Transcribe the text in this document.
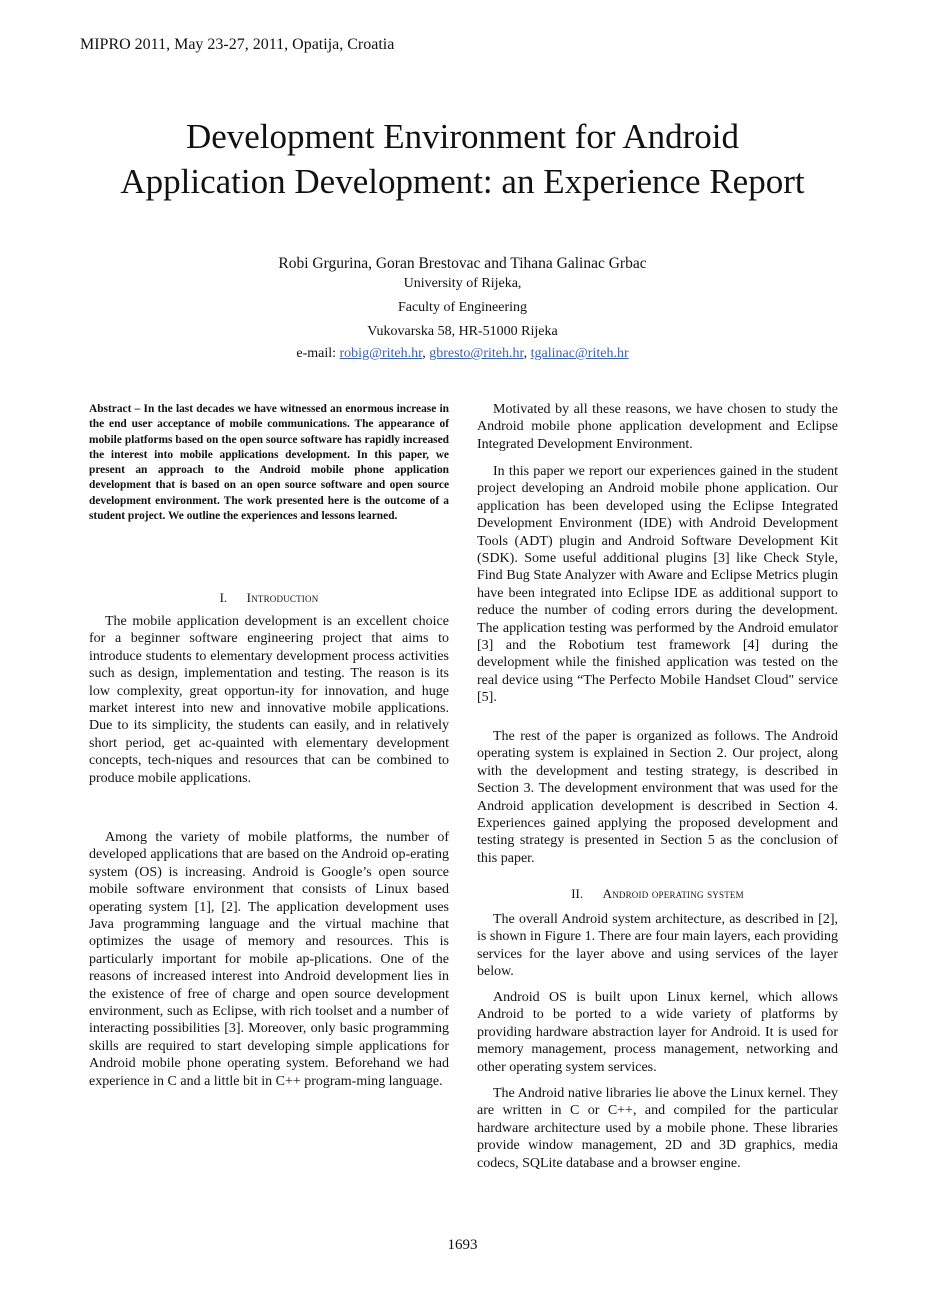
MIPRO 2011, May 23-27, 2011, Opatija, Croatia
Development Environment for Android
Application Development: an Experience Report
Robi Grgurina, Goran Brestovac and Tihana Galinac Grbac
University of Rijeka,
Faculty of Engineering
Vukovarska 58, HR-51000 Rijeka
e-mail: robig@riteh.hr, gbresto@riteh.hr, tgalinac@riteh.hr
Abstract – In the last decades we have witnessed an enormous increase in the end user acceptance of mobile communications. The appearance of mobile platforms based on the open source software has rapidly increased the interest into mobile applications development. In this paper, we present an approach to the Android mobile phone application development that is based on an open source software and open source development environment. The work presented here is the outcome of a student project. We outline the experiences and lessons learned.
I. Introduction

The mobile application development is an excellent choice for a beginner software engineering project that aims to introduce students to elementary development process activities such as design, implementation and testing. The reason is its low complexity, great opportun-ity for innovation, and huge market interest into new and innovative mobile applications. Due to its simplicity, the students can easily, and in relatively short period, get ac-quainted with elementary development concepts, tech-niques and resources that can be combined to produce mobile applications.

Among the variety of mobile platforms, the number of developed applications that are based on the Android op-erating system (OS) is increasing. Android is Google’s open source mobile software environment that consists of Linux based operating system [1], [2]. The application development uses Java programming language and the virtual machine that optimizes the usage of memory and resources. This is particularly important for mobile ap-plications. One of the reasons of increased interest into Android development lies in the existence of free of charge and open source development environment, such as Eclipse, with rich toolset and a number of interacting possibilities [3]. Moreover, only basic programming skills are required to start developing simple applications for Android mobile phone operating system. Beforehand we had experience in C and a little bit in C++ program-ming language.

Motivated by all these reasons, we have chosen to study the Android mobile phone application development and Eclipse Integrated Development Environment.

In this paper we report our experiences gained in the student project developing an Android mobile phone application. Our application has been developed using the Eclipse Integrated Development Environment (IDE) with Android Development Tools (ADT) plugin and Android Software Development Kit (SDK). Some useful additional plugins [3] like Check Style, Find Bug State Analyzer with Aware and Eclipse Metrics plugin have been integrated into Eclipse IDE as additional support to reduce the number of coding errors during the development. The application testing was performed by the Android emulator [3] and the Robotium test framework [4] during the development while the finished application was tested on the real device using “The Perfecto Mobile Handset Cloud" service [5].

The rest of the paper is organized as follows. The Android operating system is explained in Section 2. Our project, along with the development and testing strategy, is described in Section 3. The development environment that was used for the Android application development is described in Section 4. Experiences gained applying the proposed development and testing strategy is presented in Section 5 as the conclusion of this paper.

II. Android operating system

The overall Android system architecture, as described in [2], is shown in Figure 1. There are four main layers, each providing services for the layer above and using services of the layer below.

Android OS is built upon Linux kernel, which allows Android to be ported to a wide variety of platforms by providing hardware abstraction layer for Android. It is used for memory management, process management, networking and other operating system services.

The Android native libraries lie above the Linux kernel. They are written in C or C++, and compiled for the particular hardware architecture used by a mobile phone. These libraries provide window management, 2D and 3D graphics, media codecs, SQLite database and a browser engine.

1693
